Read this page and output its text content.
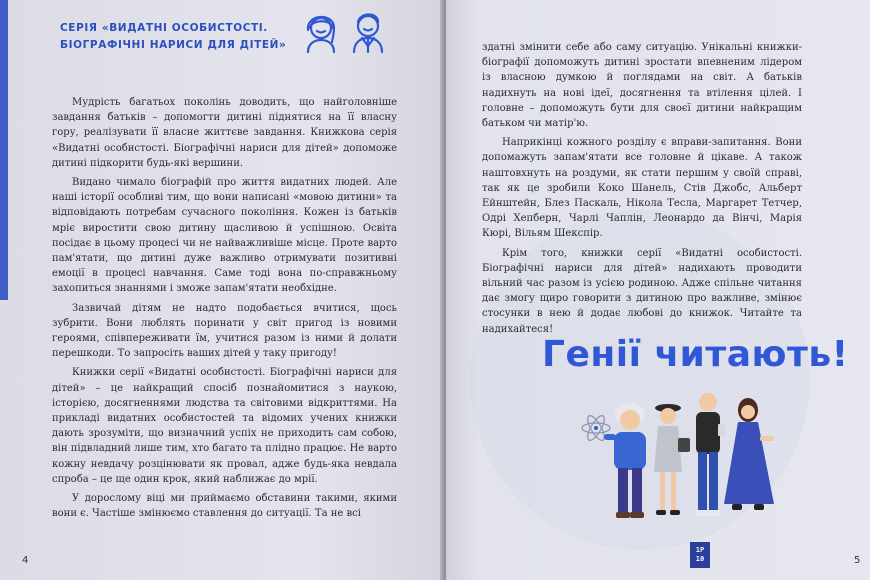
СЕРІЯ «ВИДАТНІ ОСОБИСТОСТІ.
БІОГРАФІЧНІ НАРИСИ ДЛЯ ДІТЕЙ»

Мудрість багатьох поколінь доводить, що найголовніше завдання батьків – допомогти дитині піднятися на її власну гору, реалізувати її власне життєве завдання. Книжкова серія «Видатні особистості. Біографічні нариси для дітей» допоможе дитині підкорити будь-які вершини.

Видано чимало біографій про життя видатних людей. Але наші історії особливі тим, що вони написані «мовою дитини» та відповідають потребам сучасного покоління. Кожен із батьків мріє виростити свою дитину щасливою й успішною. Освіта посідає в цьому процесі чи не найважливіше місце. Проте варто пам'ятати, що дитині дуже важливо отримувати позитивні емоції в процесі навчання. Саме тоді вона по-справжньому захопиться знаннями і зможе запам'ятати необхідне.

Зазвичай дітям не надто подобається вчитися, щось зубрити. Вони люблять поринати у світ пригод із новими героями, співпереживати їм, учитися разом із ними й долати перешкоди. То запросіть ваших дітей у таку пригоду!

Книжки серії «Видатні особистості. Біографічні нариси для дітей» – це найкращий спосіб познайомитися з наукою, історією, досягненнями людства та світовими відкриттями. На прикладі видатних особистостей та відомих учених книжки дають зрозуміти, що визначний успіх не приходить сам собою, він підвладний лише тим, хто багато та плідно працює. Не варто кожну невдачу розцінювати як провал, адже будь-яка невдала спроба – це ще один крок, який наближає до мрії.

У дорослому віці ми приймаємо обставини такими, якими вони є. Частіше змінюємо ставлення до ситуації. Та не всі

4

здатні змінити себе або саму ситуацію. Унікальні книжки-біографії допоможуть дитині зростати впевненим лідером із власною думкою й поглядами на світ. А батьків надихнуть на нові ідеї, досягнення та втілення цілей. І головне – допоможуть бути для своєї дитини найкращим батьком чи матір'ю.

Наприкінці кожного розділу є вправи-запитання. Вони допомажуть запам'ятати все головне й цікаве. А також наштовхнуть на роздуми, як стати першим у своїй справі, так як це зробили Коко Шанель, Стів Джобс, Альберт Ейнштейн, Блез Паскаль, Нікола Тесла, Маргарет Тетчер, Одрі Хепберн, Чарлі Чаплін, Леонардо да Вінчі, Марія Кюрі, Вільям Шекспір.

Крім того, книжки серії «Видатні особистості. Біографічні нариси для дітей» надихають проводити вільний час разом із усією родиною. Адже спільне читання дає змогу щиро говорити з дитиною про важливе, змінює стосунки в нею й додає любові до книжок. Читайте та надихайтеся!

Генії читають!
1P
10	5
